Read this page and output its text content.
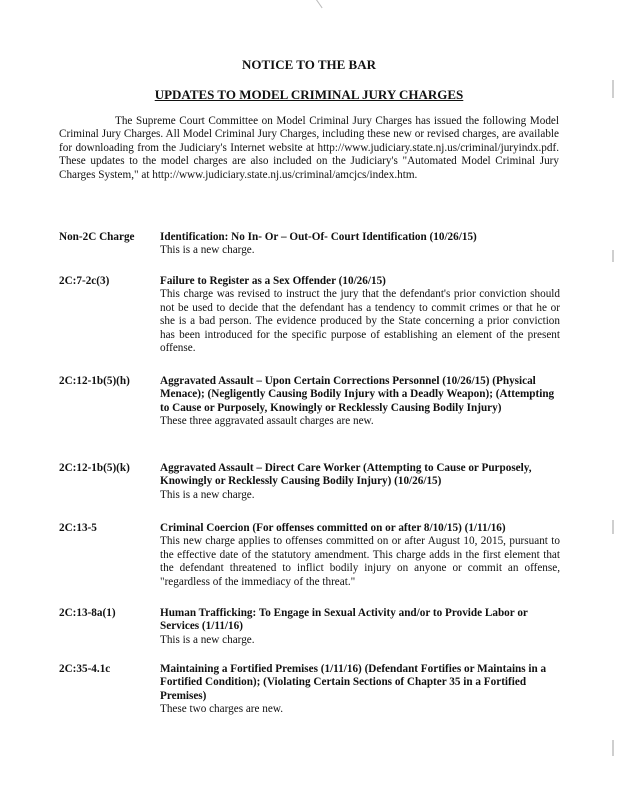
NOTICE TO THE BAR
UPDATES TO MODEL CRIMINAL JURY CHARGES
The Supreme Court Committee on Model Criminal Jury Charges has issued the following Model Criminal Jury Charges. All Model Criminal Jury Charges, including these new or revised charges, are available for downloading from the Judiciary's Internet website at http://www.judiciary.state.nj.us/criminal/juryindx.pdf. These updates to the model charges are also included on the Judiciary's "Automated Model Criminal Jury Charges System," at http://www.judiciary.state.nj.us/criminal/amcjcs/index.htm.
Non-2C Charge	Identification: No In- Or – Out-Of- Court Identification (10/26/15)
This is a new charge.
2C:7-2c(3)	Failure to Register as a Sex Offender (10/26/15)
This charge was revised to instruct the jury that the defendant's prior conviction should not be used to decide that the defendant has a tendency to commit crimes or that he or she is a bad person. The evidence produced by the State concerning a prior conviction has been introduced for the specific purpose of establishing an element of the present offense.
2C:12-1b(5)(h)	Aggravated Assault – Upon Certain Corrections Personnel (10/26/15) (Physical Menace); (Negligently Causing Bodily Injury with a Deadly Weapon); (Attempting to Cause or Purposely, Knowingly or Recklessly Causing Bodily Injury)
These three aggravated assault charges are new.
2C:12-1b(5)(k)	Aggravated Assault – Direct Care Worker (Attempting to Cause or Purposely, Knowingly or Recklessly Causing Bodily Injury) (10/26/15)
This is a new charge.
2C:13-5	Criminal Coercion (For offenses committed on or after 8/10/15) (1/11/16)
This new charge applies to offenses committed on or after August 10, 2015, pursuant to the effective date of the statutory amendment. This charge adds in the first element that the defendant threatened to inflict bodily injury on anyone or commit an offense, "regardless of the immediacy of the threat."
2C:13-8a(1)	Human Trafficking: To Engage in Sexual Activity and/or to Provide Labor or Services (1/11/16)
This is a new charge.
2C:35-4.1c	Maintaining a Fortified Premises (1/11/16) (Defendant Fortifies or Maintains in a Fortified Condition); (Violating Certain Sections of Chapter 35 in a Fortified Premises)
These two charges are new.
